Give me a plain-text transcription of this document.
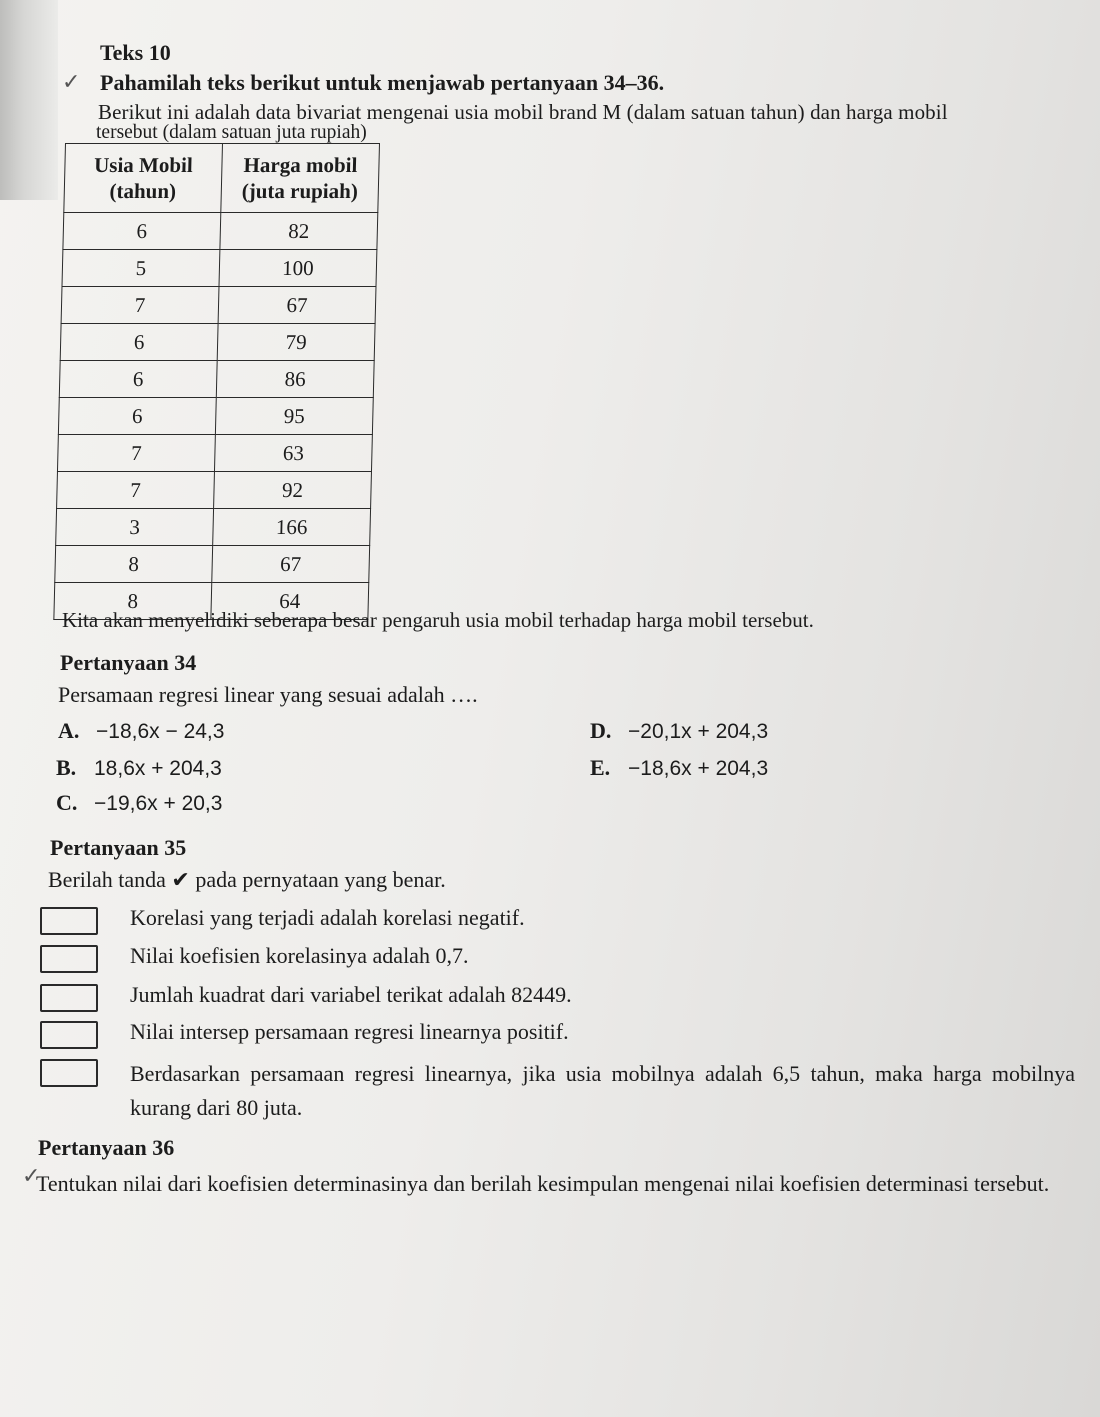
✓
✓
Teks 10
Pahamilah teks berikut untuk menjawab pertanyaan 34–36.
Berikut ini adalah data bivariat mengenai usia mobil brand M (dalam satuan tahun) dan harga mobil
tersebut (dalam satuan juta rupiah)
Usia Mobil (tahun)	Harga mobil (juta rupiah)
6	82
5	100
7	67
6	79
6	86
6	95
7	63
7	92
3	166
8	67
8	64
Kita akan menyelidiki seberapa besar pengaruh usia mobil terhadap harga mobil tersebut.
Pertanyaan 34
Persamaan regresi linear yang sesuai adalah ….
A. −18,6x − 24,3
B. 18,6x + 204,3
C. −19,6x + 20,3
D. −20,1x + 204,3
E. −18,6x + 204,3
Pertanyaan 35
Berilah tanda ✔ pada pernyataan yang benar.
Korelasi yang terjadi adalah korelasi negatif.
Nilai koefisien korelasinya adalah 0,7.
Jumlah kuadrat dari variabel terikat adalah 82449.
Nilai intersep persamaan regresi linearnya positif.
Berdasarkan persamaan regresi linearnya, jika usia mobilnya adalah 6,5 tahun, maka harga mobilnya kurang dari 80 juta.
Pertanyaan 36
Tentukan nilai dari koefisien determinasinya dan berilah kesimpulan mengenai nilai koefisien determinasi tersebut.
